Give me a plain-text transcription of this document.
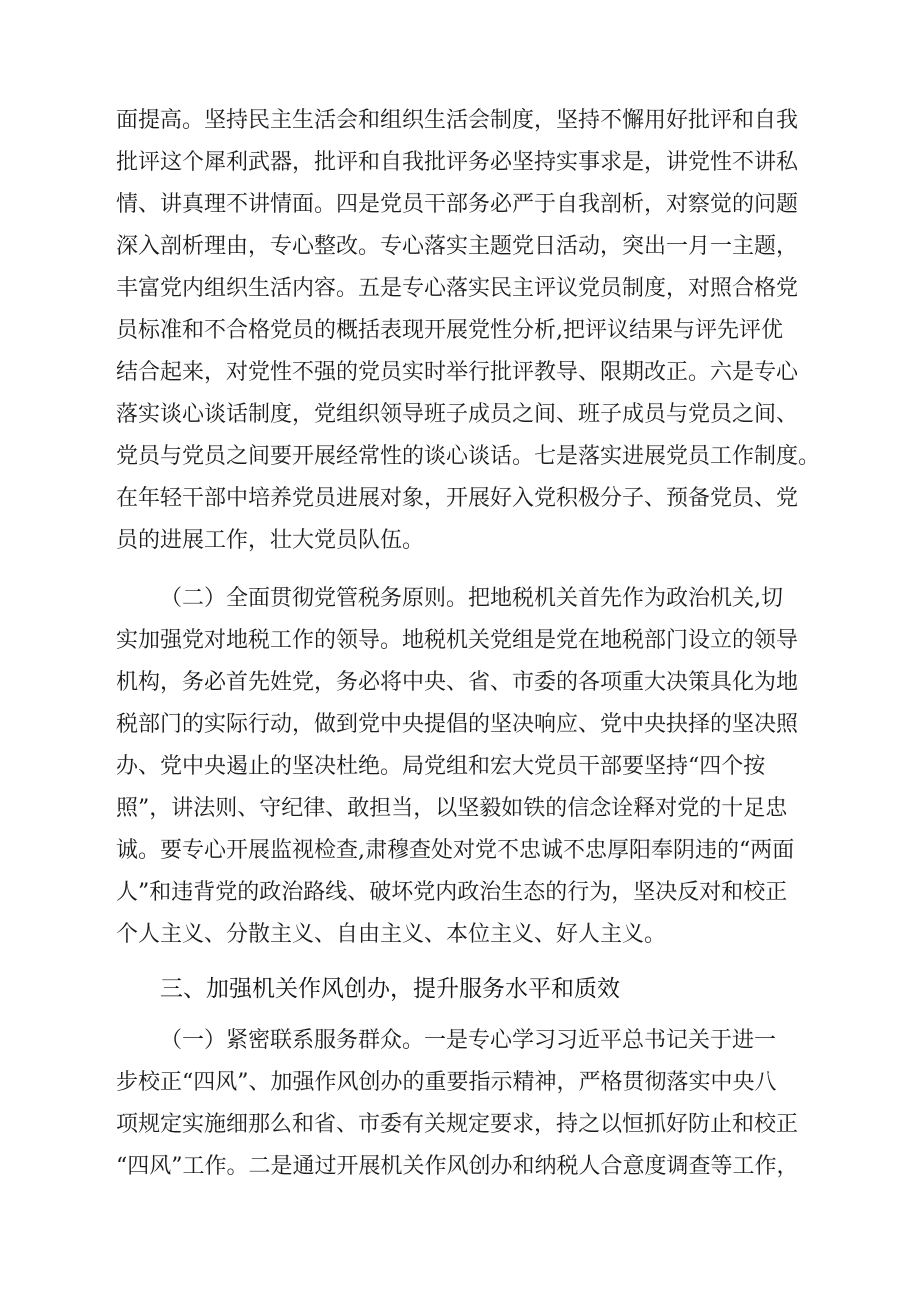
面提高。坚持民主生活会和组织生活会制度，坚持不懈用好批评和自我
批评这个犀利武器，批评和自我批评务必坚持实事求是，讲党性不讲私
情、讲真理不讲情面。四是党员干部务必严于自我剖析，对察觉的问题
深入剖析理由，专心整改。专心落实主题党日活动，突出一月一主题，
丰富党内组织生活内容。五是专心落实民主评议党员制度，对照合格党
员标准和不合格党员的概括表现开展党性分析,把评议结果与评先评优
结合起来，对党性不强的党员实时举行批评教导、限期改正。六是专心
落实谈心谈话制度，党组织领导班子成员之间、班子成员与党员之间、
党员与党员之间要开展经常性的谈心谈话。七是落实进展党员工作制度。
在年轻干部中培养党员进展对象，开展好入党积极分子、预备党员、党
员的进展工作，壮大党员队伍。
（二）全面贯彻党管税务原则。把地税机关首先作为政治机关,切
实加强党对地税工作的领导。地税机关党组是党在地税部门设立的领导
机构，务必首先姓党，务必将中央、省、市委的各项重大决策具化为地
税部门的实际行动，做到党中央提倡的坚决响应、党中央抉择的坚决照
办、党中央遏止的坚决杜绝。局党组和宏大党员干部要坚持“四个按
照”，讲法则、守纪律、敢担当，以坚毅如铁的信念诠释对党的十足忠
诚。要专心开展监视检查,肃穆查处对党不忠诚不忠厚阳奉阴违的“两面
人”和违背党的政治路线、破坏党内政治生态的行为，坚决反对和校正
个人主义、分散主义、自由主义、本位主义、好人主义。
三、加强机关作风创办，提升服务水平和质效
（一）紧密联系服务群众。一是专心学习习近平总书记关于进一
步校正“四风”、加强作风创办的重要指示精神，严格贯彻落实中央八
项规定实施细那么和省、市委有关规定要求，持之以恒抓好防止和校正
“四风”工作。二是通过开展机关作风创办和纳税人合意度调查等工作，
